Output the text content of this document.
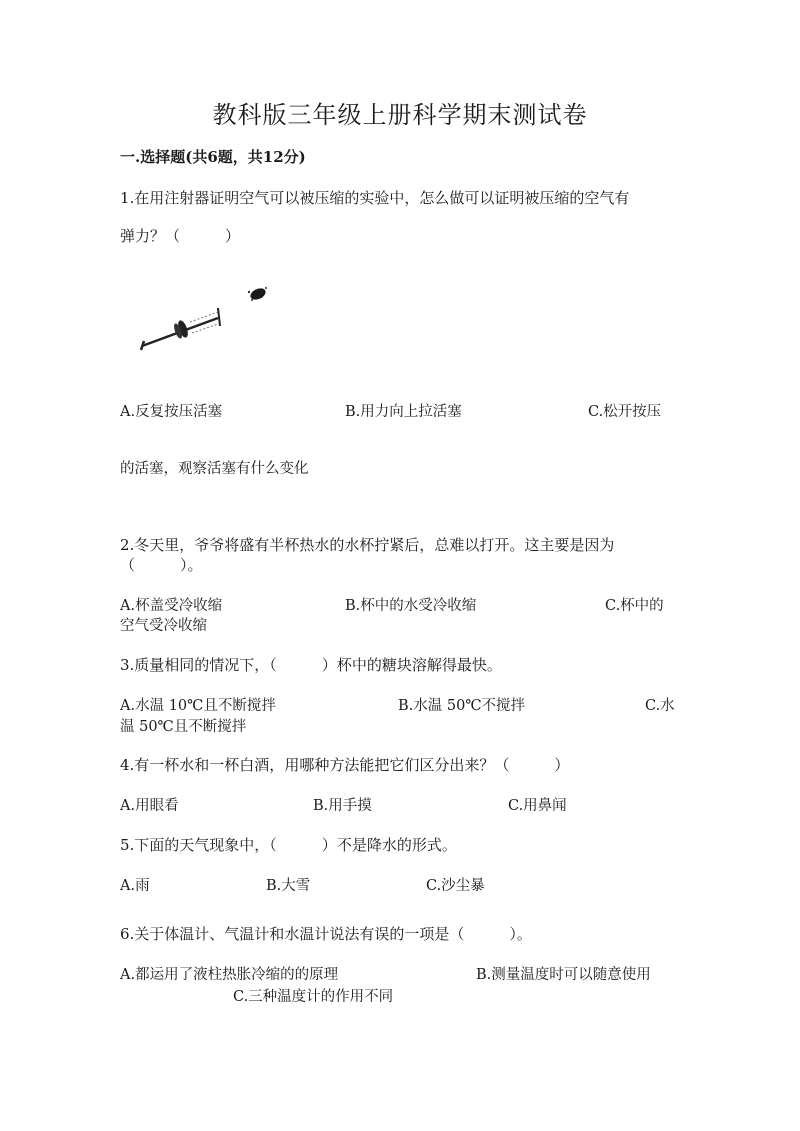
教科版三年级上册科学期末测试卷
一.选择题(共6题，共12分)
1.在用注射器证明空气可以被压缩的实验中，怎么做可以证明被压缩的空气有
弹力？（　　　）
A.反复按压活塞	B.用力向上拉活塞	C.松开按压
的活塞，观察活塞有什么变化
2.冬天里，爷爷将盛有半杯热水的水杯拧紧后，总难以打开。这主要是因为
（　　　）。
A.杯盖受冷收缩	B.杯中的水受冷收缩	C.杯中的
空气受冷收缩
3.质量相同的情况下，（　　　）杯中的糖块溶解得最快。
A.水温 10℃且不断搅拌	B.水温 50℃不搅拌	C.水
温 50℃且不断搅拌
4.有一杯水和一杯白酒，用哪种方法能把它们区分出来？（　　　）
A.用眼看	B.用手摸	C.用鼻闻
5.下面的天气现象中，（　　　）不是降水的形式。
A.雨	B.大雪	C.沙尘暴
6.关于体温计、气温计和水温计说法有误的一项是（　　　）。
A.都运用了液柱热胀冷缩的的原理	B.测量温度时可以随意使用
C.三种温度计的作用不同
